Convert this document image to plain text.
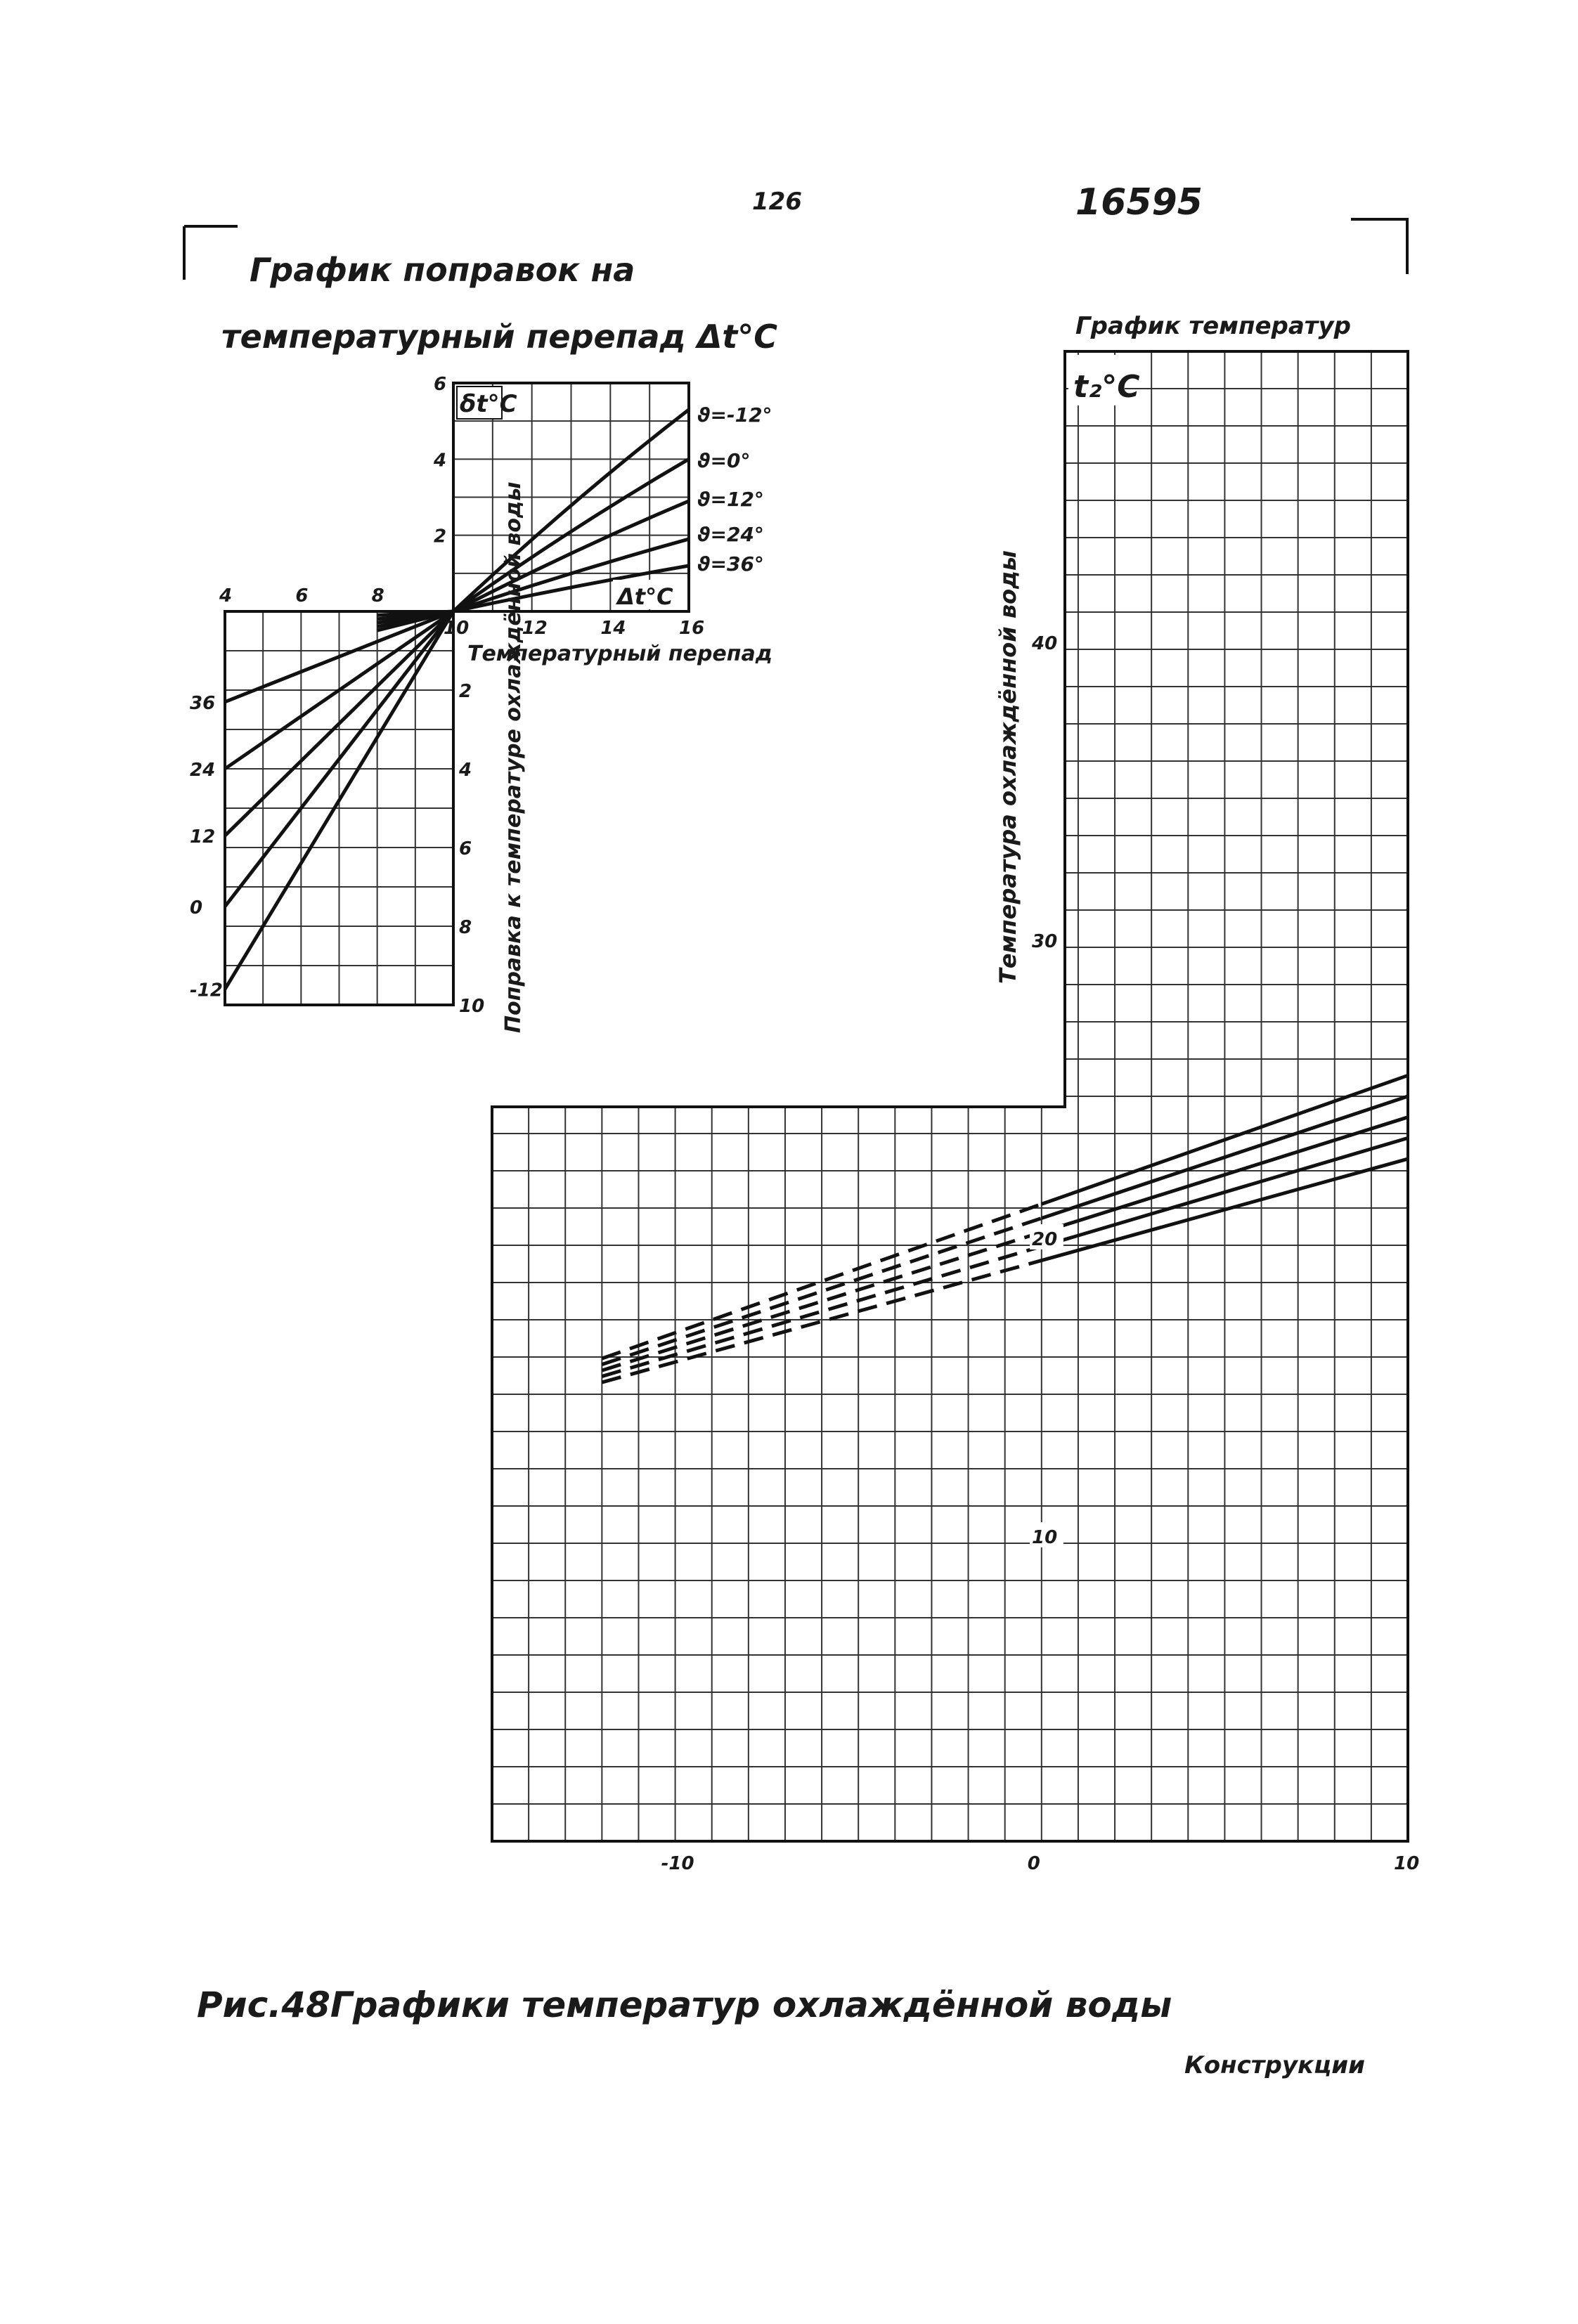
126	16595
График поправок на
температурный перепад Δt°C	График температур
ϑ=-12°
ϑ=0°
ϑ=12°
ϑ=24°
ϑ=36°
10	12	14	16
2
4
6
4	6	8
2
4
6
8
10
36
24
12
0
-12
-10	0	10
10
20
30
40
δt°C
Δt°C
t₂°C
Температурный перепад
Поправка к температуре охлаждённой воды	Температура охлаждённой воды
Рис.48Графики температур охлаждённой воды
Конструкции
